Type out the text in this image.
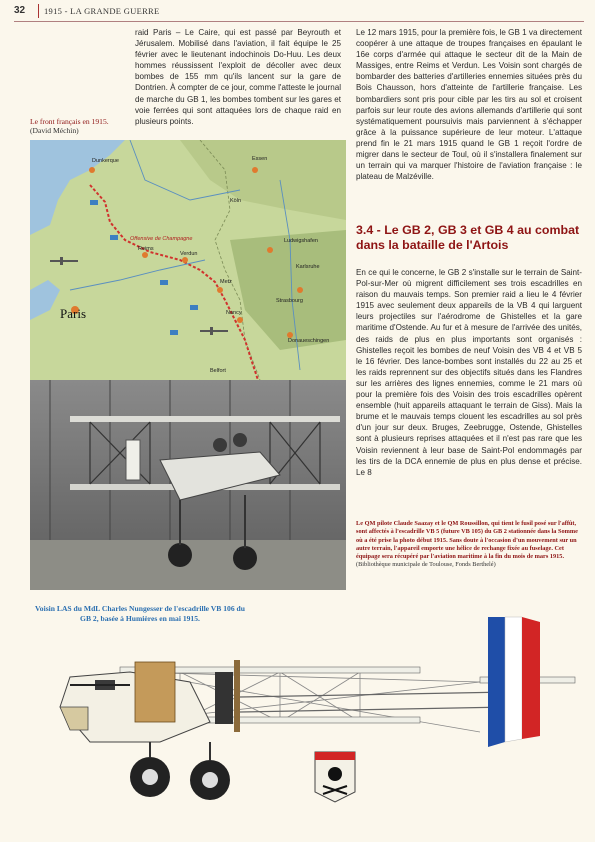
32 1915 - LA GRANDE GUERRE

raid Paris – Le Caire, qui est passé par Beyrouth et Jérusalem. Mobilisé dans l'aviation, il fait équipe le 25 février avec le lieutenant indochinois Do-Huu. Les deux hommes réussissent l'exploit de décoller avec deux bombes de 155 mm qu'ils lancent sur la gare de Dontrien. À compter de ce jour, comme l'atteste le journal de marche du GB 1, les bombes tombent sur les gares et voie ferrées qui sont attaquées lors de chaque raid en plusieurs points.

Le 12 mars 1915, pour la première fois, le GB 1 va directement coopérer à une attaque de troupes françaises en épaulant le 16e corps d'armée qui attaque le secteur dit de la Main de Massiges, entre Reims et Verdun. Les Voisin sont chargés de bombarder des batteries d'artilleries ennemies situées près du Bois Chausson, hors d'atteinte de l'artillerie française. Les bombardiers sont pris pour cible par les tirs au sol et croisent parfois sur leur route des avions allemands d'artillerie qui sont systématiquement poursuivis mais parviennent à s'échapper grâce à la puissance supérieure de leur moteur. L'attaque prend fin le 21 mars 1915 quand le GB 1 reçoit l'ordre de migrer dans le secteur de Toul, où il s'installera finalement sur un terrain qui va marquer l'histoire de l'aviation française : le plateau de Malzéville.

3.4 - Le GB 2, GB 3 et GB 4 au combat dans la bataille de l'Artois

En ce qui le concerne, le GB 2 s'installe sur le terrain de Saint-Pol-sur-Mer où migrent difficilement ses trois escadrilles en raison du mauvais temps. Son premier raid a lieu le 4 février 1915 avec seulement deux appareils de la VB 4 qui larguent leurs projectiles sur l'aérodrome de Ghistelles et la gare maritime d'Ostende. Au fur et à mesure de l'arrivée des unités, des raids de plus en plus importants sont organisés : Ghistelles reçoit les bombes de neuf Voisin des VB 4 et VB 5 le 16 février. Des lance-bombes sont installés du 22 au 25 et les raids reprennent sur des objectifs situés dans les Flandres sur les arrières des lignes ennemies, comme le 21 mars où pour la première fois des Voisin des trois escadrilles opèrent ensemble (huit appareils attaquant le terrain de Giss). Mais la brume et le mauvais temps clouent les escadrilles au sol près d'un jour sur deux. Bruges, Zeebrugge, Ostende, Ghistelles sont à plusieurs reprises attaquées et il n'est pas rare que les Voisin reviennent à leur base de Saint-Pol endommagés par les tirs de la DCA ennemie de plus en plus dense et précise. Le 8

Le front français en 1915.
(David Méchin)
Dunkerque	Essen
Köln
Reims
Verdun
Metz
Nancy
Strasbourg
Belfort
Ludwigshafen
Karlsruhe
Donaueschingen
Offensive de Champagne
Paris
Le QM pilote Claude Saazay et le QM Roussillon, qui tient le fusil posé sur l'affût, sont affectés à l'escadrille VB 5 (future VB 105) du GB 2 stationnée dans la Somme où a été prise la photo début 1915. Sans doute à l'occasion d'un mouvement sur un autre terrain, l'appareil emporte une hélice de rechange fixée au fuselage. Cet équipage sera récupéré par l'aviation maritime à la fin du mois de mars 1915. (Bibliothèque municipale de Toulouse, Fonds Berthelé)
Voisin LAS du MdL Charles Nungesser de l'escadrille VB 106 du GB 2, basée à Humières en mai 1915.
